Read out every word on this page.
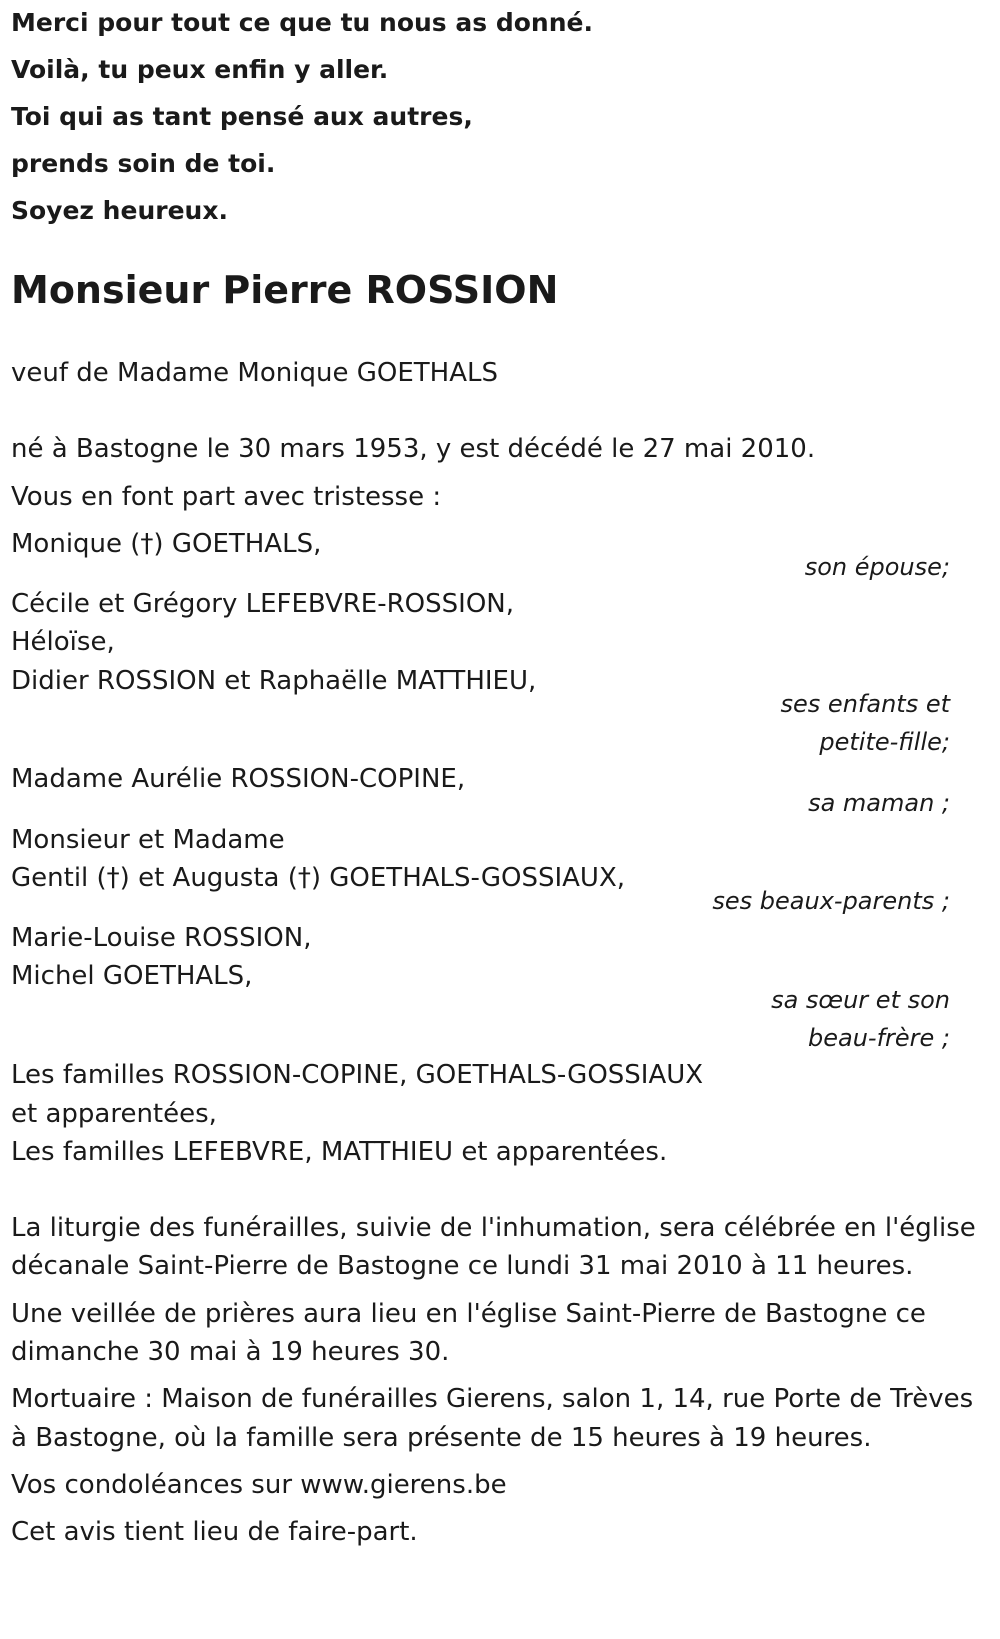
Merci pour tout ce que tu nous as donné.
Voilà, tu peux enfin y aller.
Toi qui as tant pensé aux autres,
prends soin de toi.
Soyez heureux.
Monsieur Pierre ROSSION
veuf de Madame Monique GOETHALS
né à Bastogne le 30 mars 1953, y est décédé le 27 mai 2010.
Vous en font part avec tristesse :
Monique (†) GOETHALS,
son épouse;
Cécile et Grégory LEFEBVRE-ROSSION,
Héloïse,
Didier ROSSION et Raphaëlle MATTHIEU,
ses enfants et
petite-fille;
Madame Aurélie ROSSION-COPINE,
sa maman ;
Monsieur et Madame
Gentil (†) et Augusta (†) GOETHALS-GOSSIAUX,
ses beaux-parents ;
Marie-Louise ROSSION,
Michel GOETHALS,
sa sœur et son
beau-frère ;
Les familles ROSSION-COPINE, GOETHALS-GOSSIAUX
et apparentées,
Les familles LEFEBVRE, MATTHIEU et apparentées.
La liturgie des funérailles, suivie de l'inhumation, sera célébrée en l'église
décanale Saint-Pierre de Bastogne ce lundi 31 mai 2010 à 11 heures.
Une veillée de prières aura lieu en l'église Saint-Pierre de Bastogne ce
dimanche 30 mai à 19 heures 30.
Mortuaire : Maison de funérailles Gierens, salon 1, 14, rue Porte de Trèves
à Bastogne, où la famille sera présente de 15 heures à 19 heures.
Vos condoléances sur www.gierens.be
Cet avis tient lieu de faire-part.
